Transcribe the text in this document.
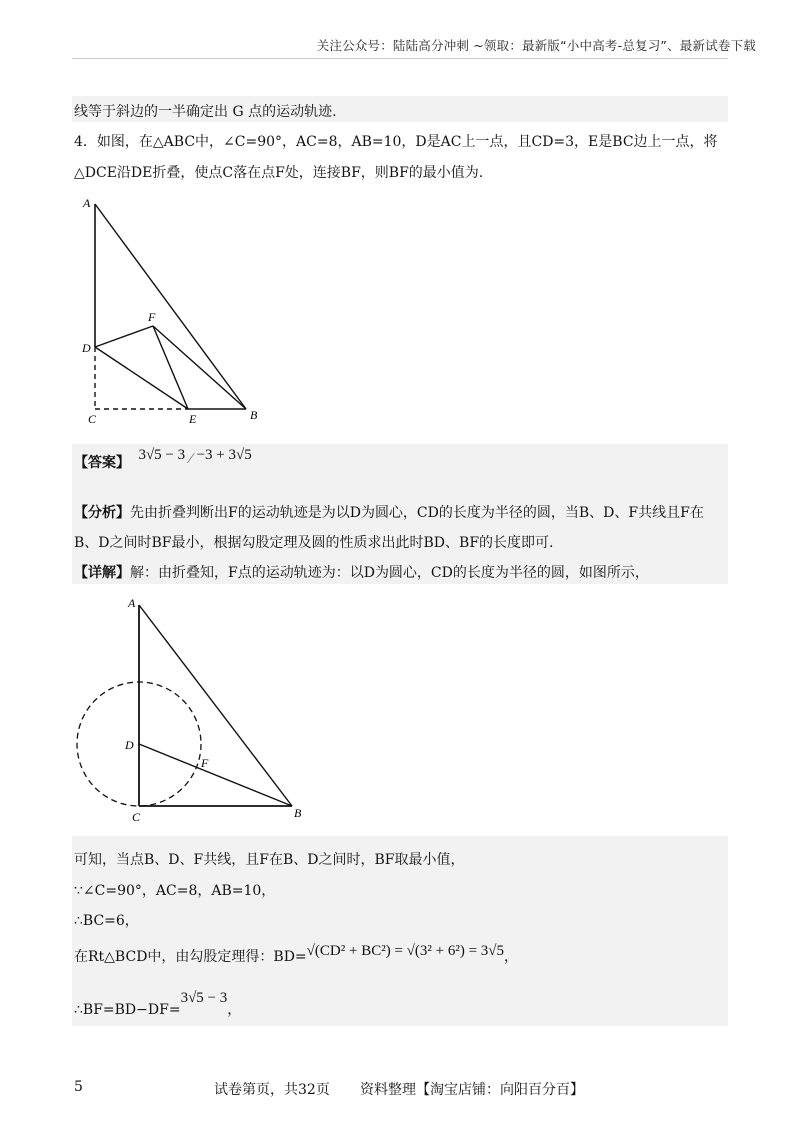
关注公众号：陆陆高分冲刺 ~领取：最新版“小中高考-总复习”、最新试卷下载
线等于斜边的一半确定出 G 点的运动轨迹.
4．如图，在△ABC中，∠C=90°，AC=8，AB=10，D是AC上一点，且CD=3，E是BC边上一点，将
△DCE沿DE折叠，使点C落在点F处，连接BF，则BF的最小值为.
A
F
D
C	E	B
【答案】 3√5 − 3 ∕ −3 + 3√5
【分析】先由折叠判断出F的运动轨迹是为以D为圆心，CD的长度为半径的圆，当B、D、F共线且F在
B、D之间时BF最小，根据勾股定理及圆的性质求出此时BD、BF的长度即可.
【详解】解：由折叠知，F点的运动轨迹为：以D为圆心，CD的长度为半径的圆，如图所示，
A
D
F
C	B
可知，当点B、D、F共线，且F在B、D之间时，BF取最小值，
∵∠C=90°，AC=8，AB=10，
∴BC=6，
在Rt△BCD中，由勾股定理得：BD=√(CD² + BC²) = √(3² + 6²) = 3√5，
∴BF=BD−DF=3√5 − 3，
5	试卷第页，共32页 资料整理【淘宝店铺：向阳百分百】
